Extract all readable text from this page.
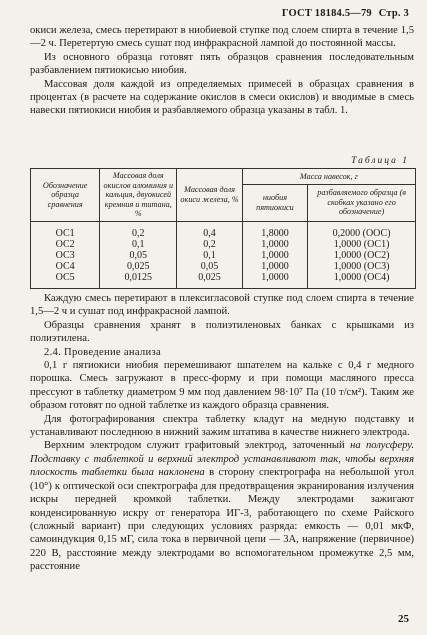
ГОСТ 18184.5—79 Стр. 3

окиси железа, смесь перетирают в ниобиевой ступке под слоем спирта в течение 1,5—2 ч. Перетертую смесь сушат под инфракрасной лампой до постоянной массы.

Из основного образца готовят пять образцов сравнения последовательным разбавлением пятиокисью ниобия.

Массовая доля каждой из определяемых примесей в образцах сравнения в процентах (в расчете на содержание окислов в смеси окислов) и вводимые в смесь навески пятиокиси ниобия и разбавляемого образца указаны в табл. 1.

Таблица 1
Обозначение образца сравнения	Массовая доля окислов алюминия и кальция, двуокисей кремния и титана, %	Массовая доля окиси железа, %	Масса навесок, г	
			ниобия пятиокиси	разбавляемого образца (в скобках указано его обозначение)
ОС1	0,2	0,4	1,8000	0,2000 (ООС)
ОС2	0,1	0,2	1,0000	1,0000 (ОС1)
ОС3	0,05	0,1	1,0000	1,0000 (ОС2)
ОС4	0,025	0,05	1,0000	1,0000 (ОС3)
ОС5	0,0125	0,025	1,0000	1,0000 (ОС4)

Каждую смесь перетирают в плексигласовой ступке под слоем спирта в течение 1,5—2 ч и сушат под инфракрасной лампой.

Образцы сравнения хранят в полиэтиленовых банках с крышками из полиэтилена.

2.4. Проведение анализа

0,1 г пятиокиси ниобия перемешивают шпателем на кальке с 0,4 г медного порошка. Смесь загружают в пресс-форму и при помощи масляного пресса прессуют в таблетку диаметром 9 мм под давлением 98·10⁷ Па (10 т/см²). Таким же образом готовят по одной таблетке из каждого образца сравнения.

Для фотографирования спектра таблетку кладут на медную подставку и устанавливают последнюю в нижний зажим штатива в качестве нижнего электрода.

Верхним электродом служит графитовый электрод, заточенный на полусферу. Подставку с таблеткой и верхний электрод устанавливают так, чтобы верхняя плоскость таблетки была наклонена в сторону спектрографа на небольшой угол (10°) к оптической оси спектрографа для предотвращения экранирования излучения искры передней кромкой таблетки. Между электродами зажигают конденсированную искру от генератора ИГ-3, работающего по схеме Райского (сложный вариант) при следующих условиях разряда: емкость — 0,01 мкФ, самоиндукция 0,15 мГ, сила тока в первичной цепи — 3А, напряжение (первичное) 220 В, расстояние между электродами во вспомогательном промежутке 2,5 мм, расстояние

25
